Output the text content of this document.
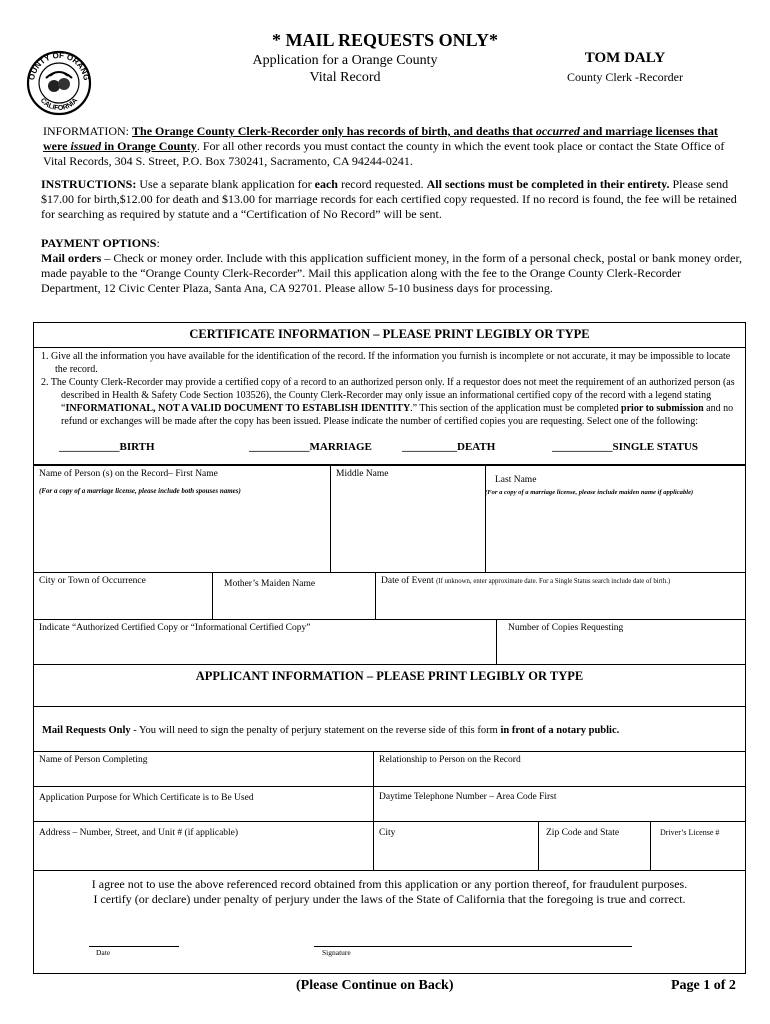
* MAIL REQUESTS ONLY*
Application for a Orange County
Vital Record
TOM DALY
County Clerk -Recorder
OUNTY OF ORANG
CALIFORNIA
INFORMATION: The Orange County Clerk-Recorder only has records of birth, and deaths that occurred and marriage licenses that were issued in Orange County. For all other records you must contact the county in which the event took place or contact the State Office of Vital Records, 304 S. Street, P.O. Box 730241, Sacramento, CA 94244-0241.
INSTRUCTIONS: Use a separate blank application for each record requested. All sections must be completed in their entirety. Please send $17.00 for birth,$12.00 for death and $13.00 for marriage records for each certified copy requested. If no record is found, the fee will be retained for searching as required by statute and a “Certification of No Record” will be sent.
PAYMENT OPTIONS:
Mail orders – Check or money order. Include with this application sufficient money, in the form of a personal check, postal or bank money order, made payable to the “Orange County Clerk-Recorder”. Mail this application along with the fee to the Orange County Clerk-Recorder Department, 12 Civic Center Plaza, Santa Ana, CA 92701. Please allow 5-10 business days for processing.
CERTIFICATE INFORMATION – PLEASE PRINT LEGIBLY OR TYPE
1. Give all the information you have available for the identification of the record. If the information you furnish is incomplete or not accurate, it may be impossible to locate the record.
2. The County Clerk-Recorder may provide a certified copy of a record to an authorized person only. If a requestor does not meet the requirement of an authorized person (as described in Health & Safety Code Section 103526), the County Clerk-Recorder may only issue an informational certified copy of the record with a legend stating “INFORMATIONAL, NOT A VALID DOCUMENT TO ESTABLISH IDENTITY.” This section of the application must be completed prior to submission and no refund or exchanges will be made after the copy has been issued. Please indicate the number of certified copies you are requesting. Select one of the following:
___________BIRTH	___________MARRIAGE	__________DEATH	___________SINGLE STATUS
Name of Person (s) on the Record– First Name
(For a copy of a marriage license, please include both spouses names)
Middle Name
Last Name
(For a copy of a marriage license, please include maiden name if applicable)
City or Town of Occurrence	Mother’s Maiden Name	Date of Event (If unknown, enter approximate date. For a Single Status search include date of birth.)
Indicate “Authorized Certified Copy or “Informational Certified Copy”	Number of Copies Requesting
APPLICANT INFORMATION – PLEASE PRINT LEGIBLY OR TYPE
Mail Requests Only - You will need to sign the penalty of perjury statement on the reverse side of this form in front of a notary public.
Name of Person Completing	Relationship to Person on the Record
Application Purpose for Which Certificate is to Be Used	Daytime Telephone Number – Area Code First
Address – Number, Street, and Unit # (if applicable)	City	Zip Code and State	Driver’s License #
I agree not to use the above referenced record obtained from this application or any portion thereof, for fraudulent purposes.
I certify (or declare) under penalty of perjury under the laws of the State of California that the foregoing is true and correct.
Date	Signature
(Please Continue on Back)	Page 1 of 2
